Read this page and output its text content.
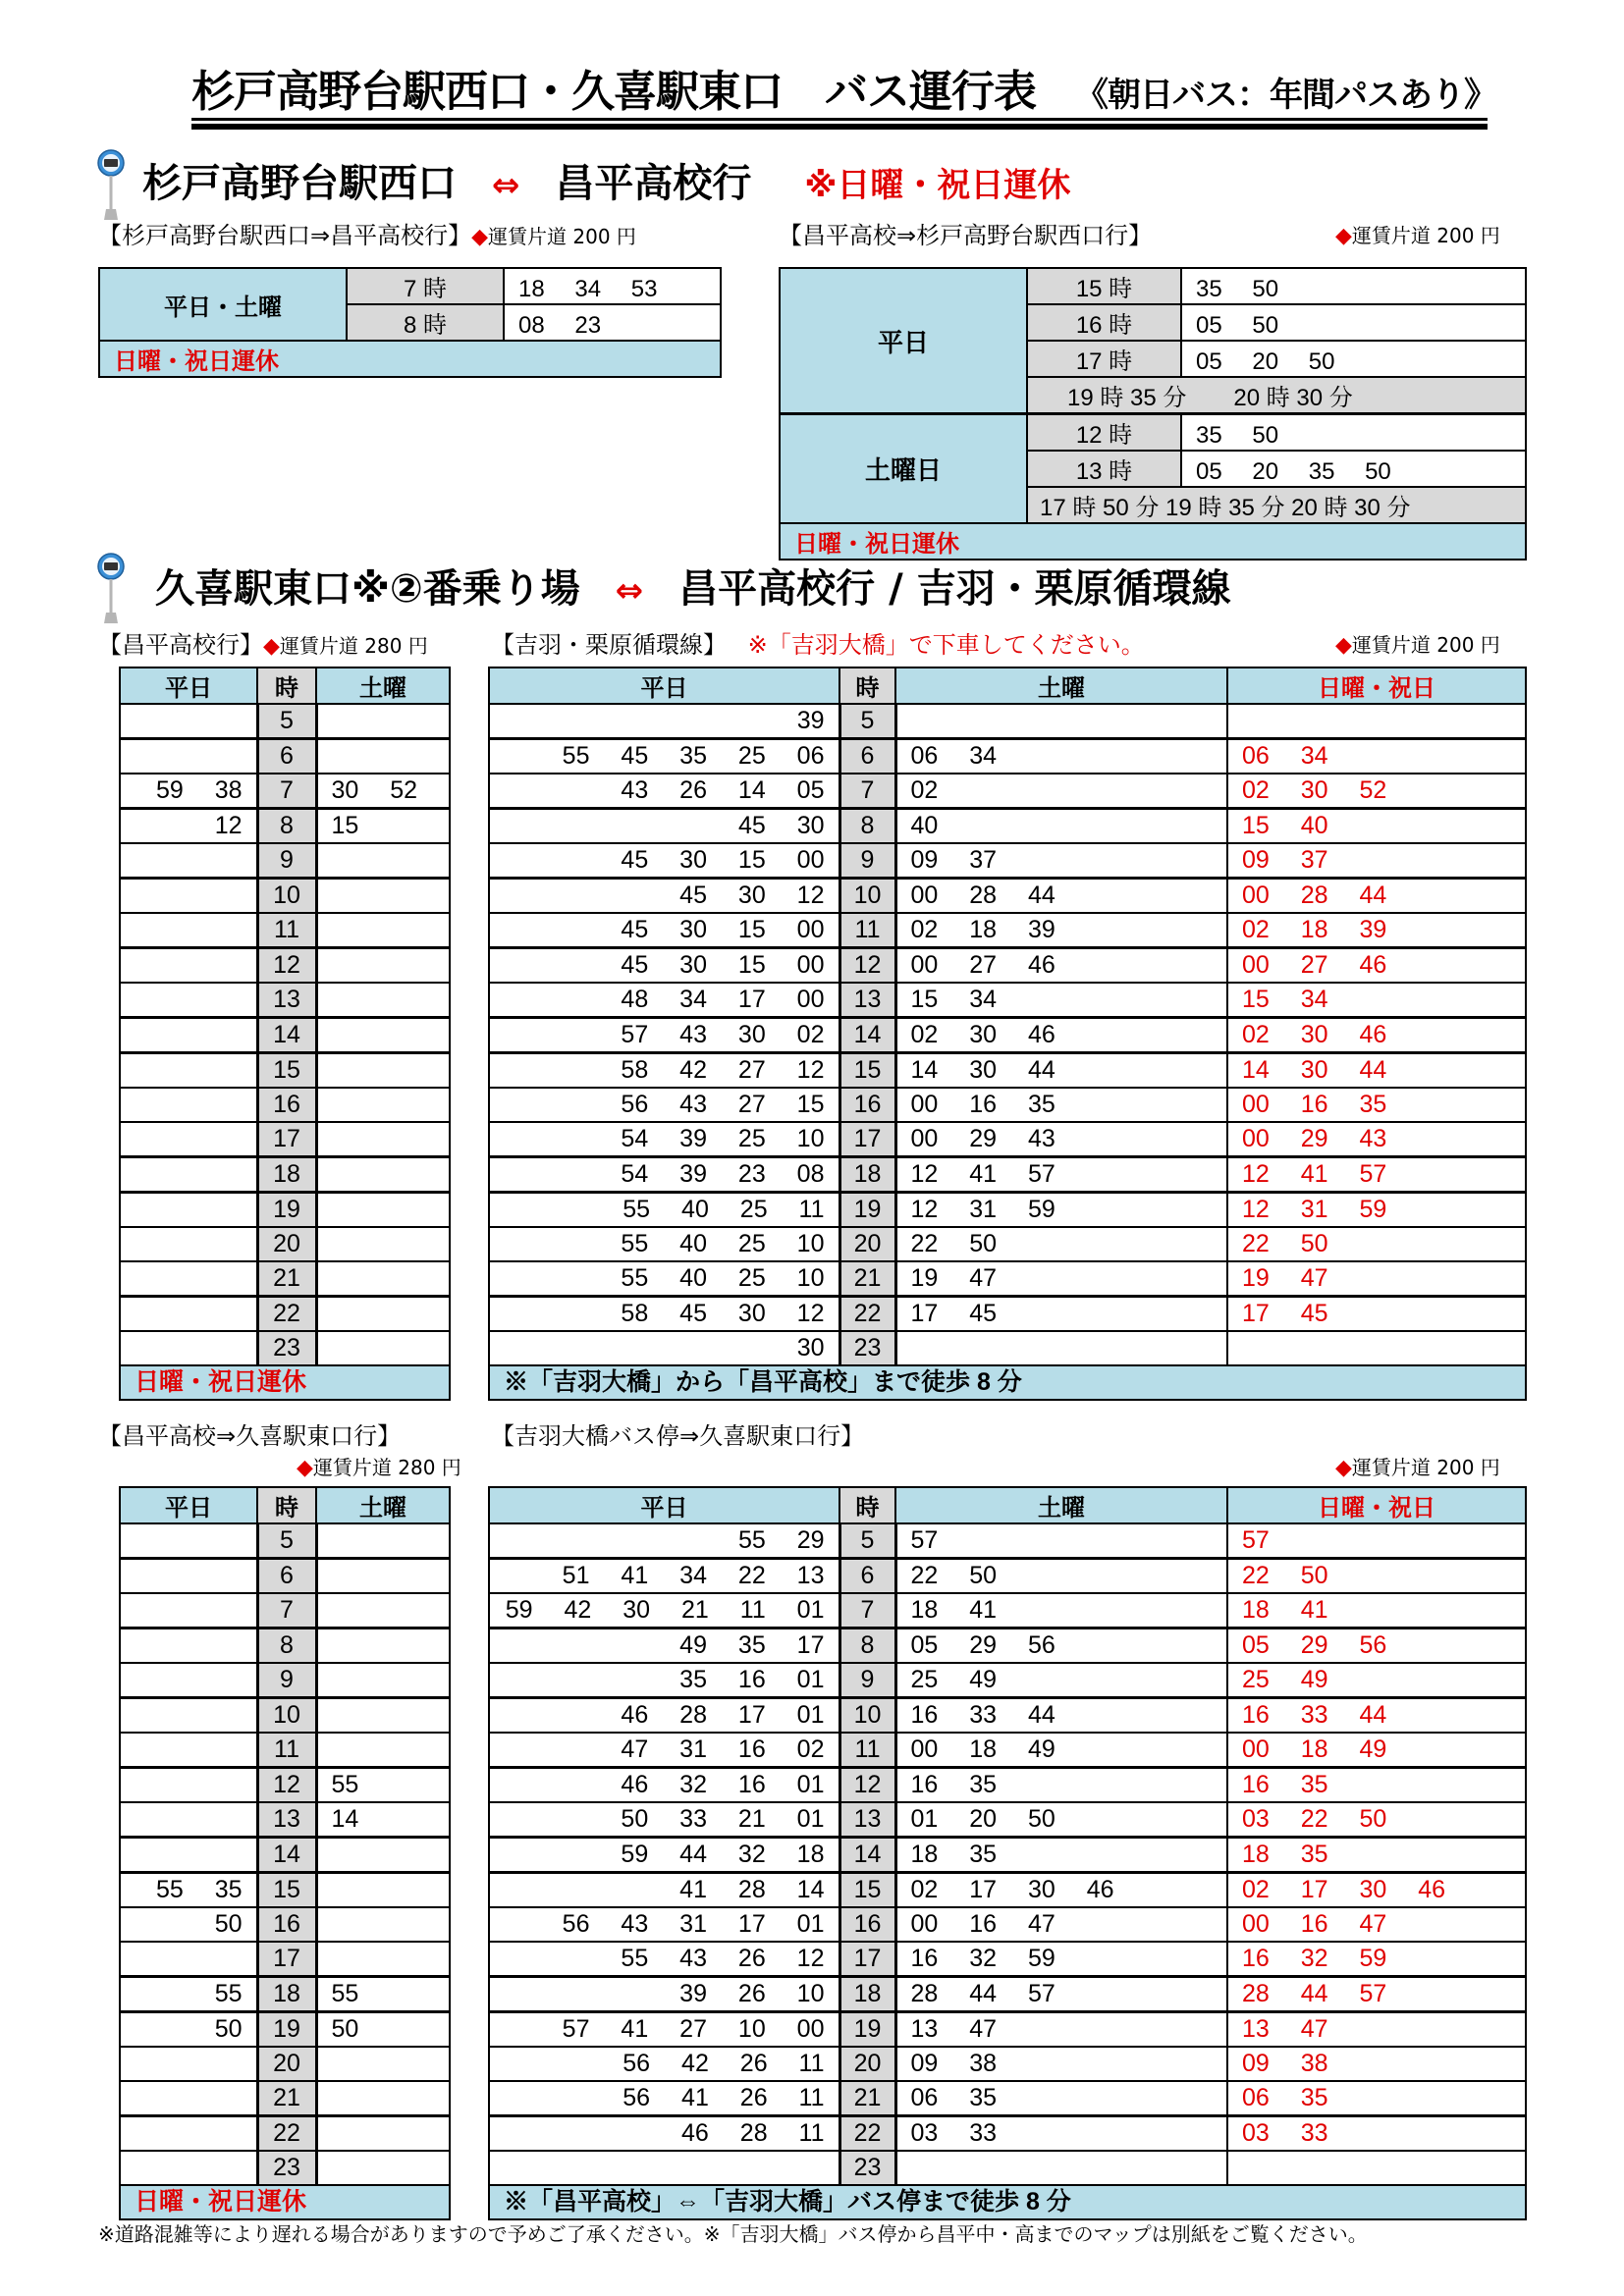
杉戸高野台駅西口・久喜駅東口　バス運行表 《朝日バス：年間パスあり》
杉戸高野台駅西口 ⇔ 昌平高校行 ※日曜・祝日運休
【杉戸高野台駅西口⇒昌平高校行】◆運賃片道 200 円	【昌平高校⇒杉戸高野台駅西口行】	◆運賃片道 200 円
平日・土曜	7 時	18　 34　 53
	8 時	08　 23
日曜・祝日運休		
平日	15 時	35　 50
	16 時	05　 50
	17 時	05　 20　 50
	19 時 35 分　　20 時 30 分	
土曜日	12 時	35　 50
	13 時	05　 20　 35　 50
	17 時 50 分 19 時 35 分 20 時 30 分	
日曜・祝日運休		
久喜駅東口※②番乗り場 ⇔ 昌平高校行 / 吉羽・栗原循環線
【昌平高校行】◆運賃片道 280 円	【吉羽・栗原循環線】 ※「吉羽大橋」で下車してください。	◆運賃片道 200 円
平日	時	土曜
	5	
	6	
59　 38	7	30　 52
12	8	15
	9	
	10	
	11	
	12	
	13	
	14	
	15	
	16	
	17	
	18	
	19	
	20	
	21	
	22	
	23	
日曜・祝日運休		
平日	時	土曜	日曜・祝日
39	5		
55　 45　 35　 25　 06	6	06　 34	06　 34
43　 26　 14　 05	7	02	02　 30　 52
45　 30	8	40	15　 40
45　 30　 15　 00	9	09　 37	09　 37
45　 30　 12	10	00　 28　 44	00　 28　 44
45　 30　 15　 00	11	02　 18　 39	02　 18　 39
45　 30　 15　 00	12	00　 27　 46	00　 27　 46
48　 34　 17　 00	13	15　 34	15　 34
57　 43　 30　 02	14	02　 30　 46	02　 30　 46
58　 42　 27　 12	15	14　 30　 44	14　 30　 44
56　 43　 27　 15	16	00　 16　 35	00　 16　 35
54　 39　 25　 10	17	00　 29　 43	00　 29　 43
54　 39　 23　 08	18	12　 41　 57	12　 41　 57
55　 40　 25　 11	19	12　 31　 59	12　 31　 59
55　 40　 25　 10	20	22　 50	22　 50
55　 40　 25　 10	21	19　 47	19　 47
58　 45　 30　 12	22	17　 45	17　 45
30	23		
※「吉羽大橋」から「昌平高校」まで徒歩 8 分			
【昌平高校⇒久喜駅東口行】
◆運賃片道 280 円
【吉羽大橋バス停⇒久喜駅東口行】
◆運賃片道 200 円
平日	時	土曜
	5	
	6	
	7	
	8	
	9	
	10	
	11	
	12	55
	13	14
	14	
55　 35	15	
50	16	
	17	
55	18	55
50	19	50
	20	
	21	
	22	
	23	
日曜・祝日運休		
平日	時	土曜	日曜・祝日
55　 29	5	57	57
51　 41　 34　 22　 13	6	22　 50	22　 50
59　 42　 30　 21　 11　 01	7	18　 41	18　 41
49　 35　 17	8	05　 29　 56	05　 29　 56
35　 16　 01	9	25　 49	25　 49
46　 28　 17　 01	10	16　 33　 44	16　 33　 44
47　 31　 16　 02	11	00　 18　 49	00　 18　 49
46　 32　 16　 01	12	16　 35	16　 35
50　 33　 21　 01	13	01　 20　 50	03　 22　 50
59　 44　 32　 18	14	18　 35	18　 35
41　 28　 14	15	02　 17　 30　 46	02　 17　 30　 46
56　 43　 31　 17　 01	16	00　 16　 47	00　 16　 47
55　 43　 26　 12	17	16　 32　 59	16　 32　 59
39　 26　 10	18	28　 44　 57	28　 44　 57
57　 41　 27　 10　 00	19	13　 47	13　 47
56　 42　 26　 11	20	09　 38	09　 38
56　 41　 26　 11	21	06　 35	06　 35
46　 28　 11	22	03　 33	03　 33
	23		
※「昌平高校」⇔「吉羽大橋」バス停まで徒歩 8 分			
※道路混雑等により遅れる場合がありますので予めご了承ください。※「吉羽大橋」バス停から昌平中・高までのマップは別紙をご覧ください。
